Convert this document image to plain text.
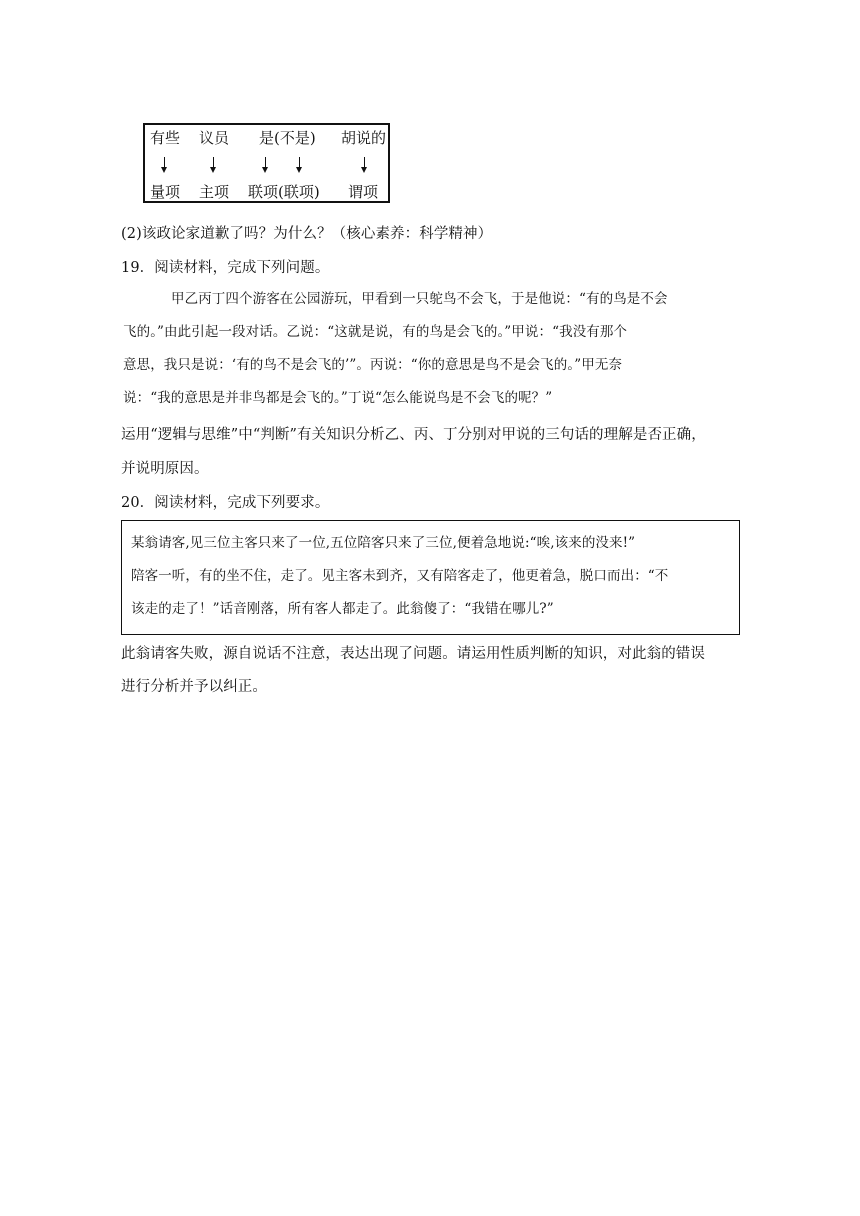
有些 议员 是(不是) 胡说的
量项 主项 联项(联项) 谓项
(2)该政论家道歉了吗？为什么？（核心素养：科学精神）
19．阅读材料，完成下列问题。
甲乙丙丁四个游客在公园游玩，甲看到一只鸵鸟不会飞，于是他说：“有的鸟是不会
飞的。”由此引起一段对话。乙说：“这就是说，有的鸟是会飞的。”甲说：“我没有那个
意思，我只是说：‘有的鸟不是会飞的’”。丙说：“你的意思是鸟不是会飞的。”甲无奈
说：“我的意思是并非鸟都是会飞的。”丁说“怎么能说鸟是不会飞的呢？”
运用“逻辑与思维”中“判断”有关知识分析乙、丙、丁分别对甲说的三句话的理解是否正确，
并说明原因。
20．阅读材料，完成下列要求。
某翁请客,见三位主客只来了一位,五位陪客只来了三位,便着急地说:“唉,该来的没来!”
陪客一听，有的坐不住，走了。见主客未到齐，又有陪客走了，他更着急，脱口而出：“不
该走的走了！”话音刚落，所有客人都走了。此翁傻了：“我错在哪儿?”
此翁请客失败，源自说话不注意，表达出现了问题。请运用性质判断的知识，对此翁的错误
进行分析并予以纠正。
